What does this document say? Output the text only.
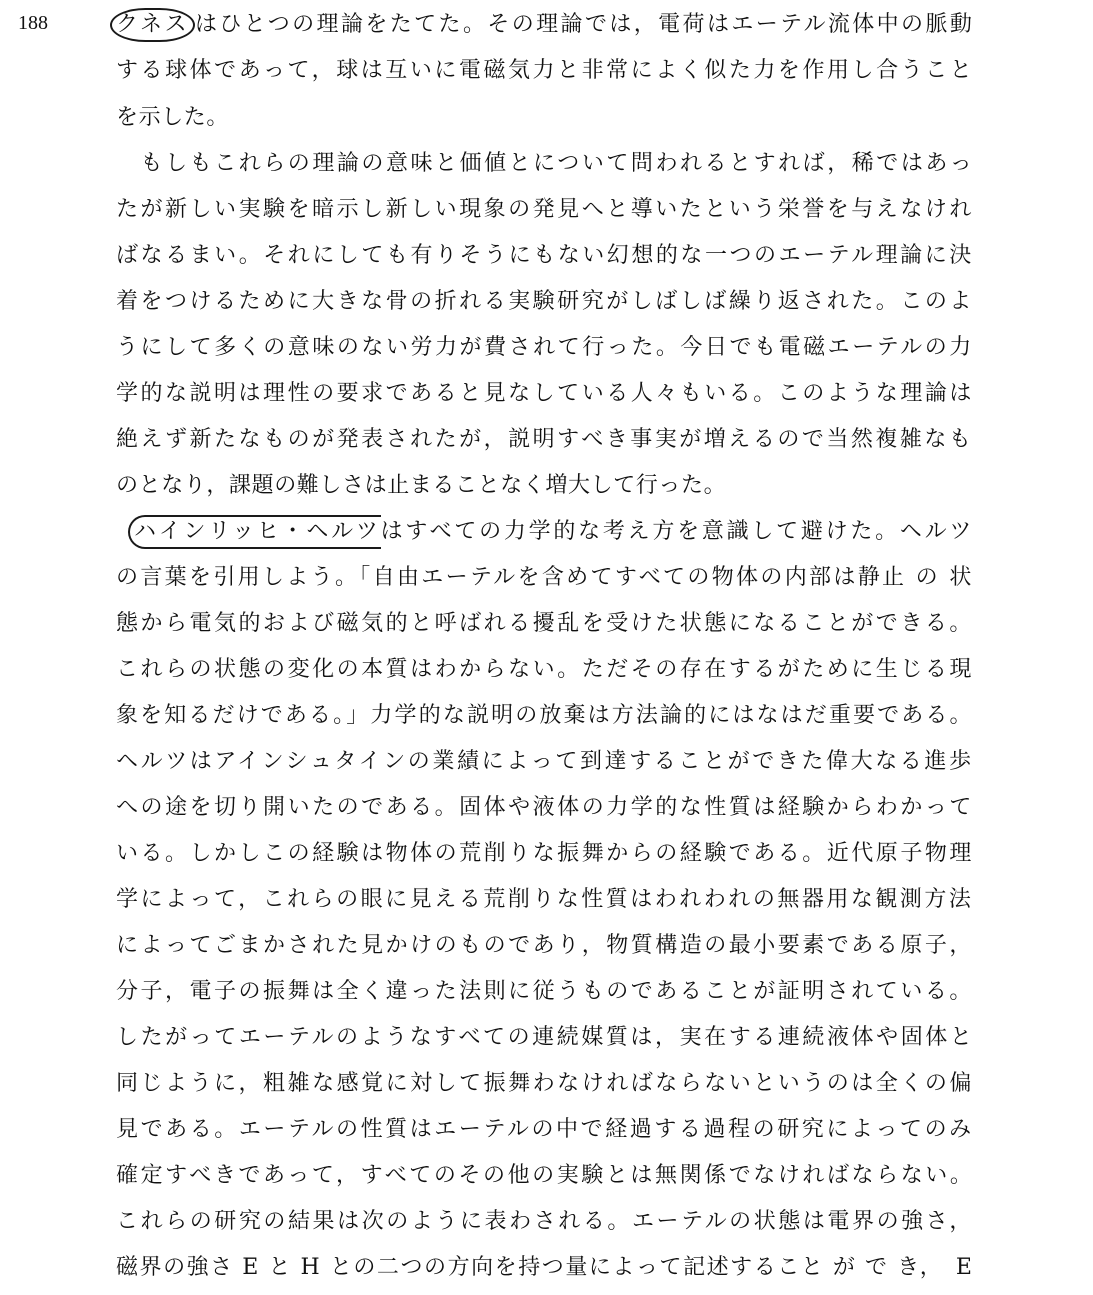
188	クネス はひとつの理論をたてた。その理論では，電荷はエーテル流体中の脈動
する球体であって，球は互いに電磁気力と非常によく似た力を作用し合うこと
を示した。
　もしもこれらの理論の意味と価値とについて問われるとすれば，稀ではあっ
たが新しい実験を暗示し新しい現象の発見へと導いたという栄誉を与えなけれ
ばなるまい。それにしても有りそうにもない幻想的な一つのエーテル理論に決
着をつけるために大きな骨の折れる実験研究がしばしば繰り返された。このよ
うにして多くの意味のない労力が費されて行った。今日でも電磁エーテルの力
学的な説明は理性の要求であると見なしている人々もいる。このような理論は
絶えず新たなものが発表されたが，説明すべき事実が増えるので当然複雑なも
のとなり，課題の難しさは止まることなく増大して行った。
ハインリッヒ・ヘルツはすべての力学的な考え方を意識して避けた。ヘルツ
の言葉を引用しよう。「自由エーテルを含めてすべての物体の内部は静止 の 状
態から電気的および磁気的と呼ばれる擾乱を受けた状態になることができる。
これらの状態の変化の本質はわからない。ただその存在するがために生じる現
象を知るだけである。」力学的な説明の放棄は方法論的にはなはだ重要である。
ヘルツはアインシュタインの業績によって到達することができた偉大なる進歩
への途を切り開いたのである。固体や液体の力学的な性質は経験からわかって
いる。しかしこの経験は物体の荒削りな振舞からの経験である。近代原子物理
学によって，これらの眼に見える荒削りな性質はわれわれの無器用な観測方法
によってごまかされた見かけのものであり，物質構造の最小要素である原子，
分子，電子の振舞は全く違った法則に従うものであることが証明されている。
したがってエーテルのようなすべての連続媒質は，実在する連続液体や固体と
同じように，粗雑な感覚に対して振舞わなければならないというのは全くの偏
見である。エーテルの性質はエーテルの中で経過する過程の研究によってのみ
確定すべきであって，すべてのその他の実験とは無関係でなければならない。
これらの研究の結果は次のように表わされる。エーテルの状態は電界の強さ，
磁界の強さ E と H との二つの方向を持つ量によって記述すること が で き，　E
